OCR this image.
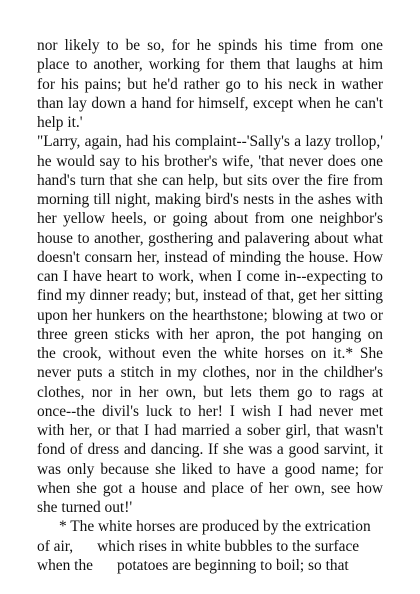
nor likely to be so, for he spinds his time from one place to another, working for them that laughs at him for his pains; but he'd rather go to his neck in wather than lay down a hand for himself, except when he can't help it.'

"Larry, again, had his complaint--'Sally's a lazy trollop,' he would say to his brother's wife, 'that never does one hand's turn that she can help, but sits over the fire from morning till night, making bird's nests in the ashes with her yellow heels, or going about from one neighbor's house to another, gosthering and palavering about what doesn't consarn her, instead of minding the house. How can I have heart to work, when I come in--expecting to find my dinner ready; but, instead of that, get her sitting upon her hunkers on the hearthstone; blowing at two or three green sticks with her apron, the pot hanging on the crook, without even the white horses on it.* She never puts a stitch in my clothes, nor in the childher's clothes, nor in her own, but lets them go to rags at once--the divil's luck to her! I wish I had never met with her, or that I had married a sober girl, that wasn't fond of dress and dancing. If she was a good sarvint, it was only because she liked to have a good name; for when she got a house and place of her own, see how she turned out!'

* The white horses are produced by the extrication
of air, which rises in white bubbles to the surface
when the potatoes are beginning to boil; so that
